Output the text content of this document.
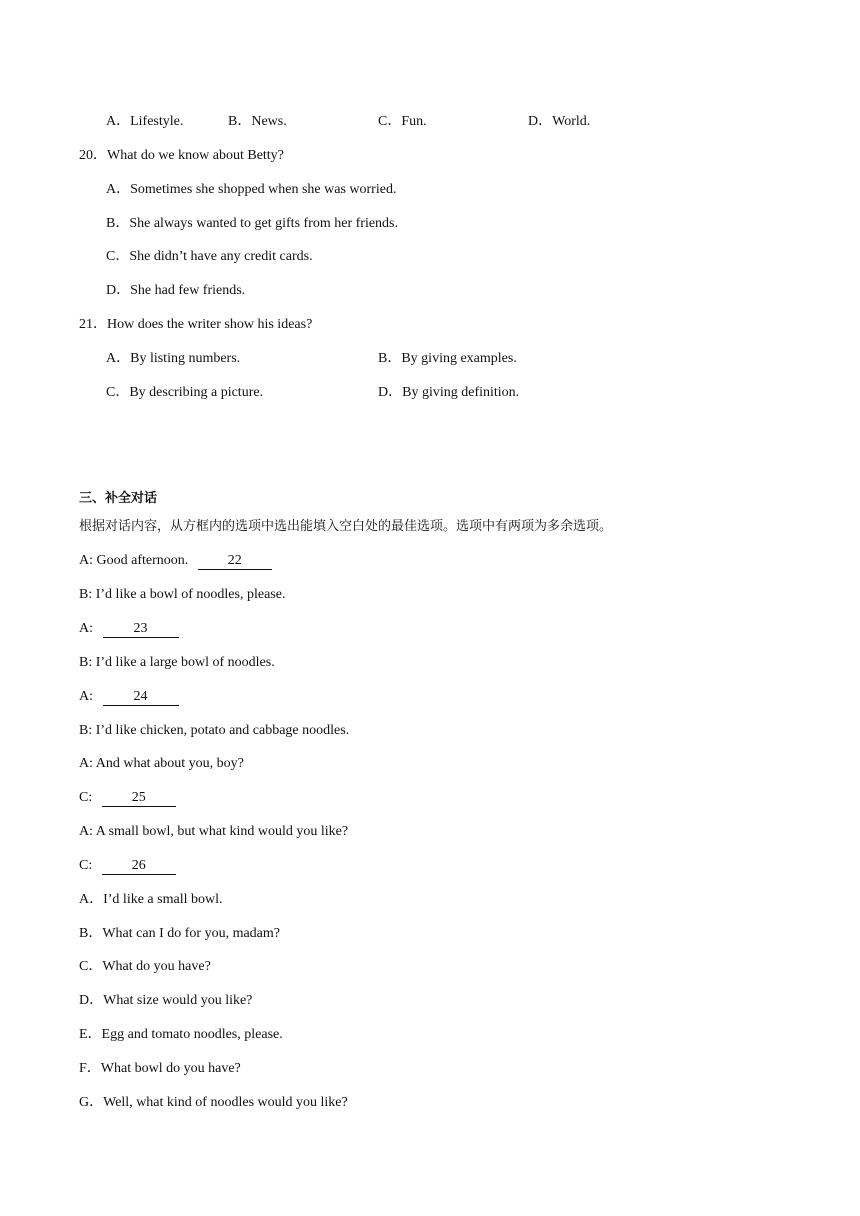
A．Lifestyle.	B．News.	C．Fun.	D．World.
20．What do we know about Betty?
A．Sometimes she shopped when she was worried.
B．She always wanted to get gifts from her friends.
C．She didn’t have any credit cards.
D．She had few friends.
21．How does the writer show his ideas?
A．By listing numbers.	B．By giving examples.
C．By describing a picture.	D．By giving definition.
三、补全对话
根据对话内容，从方框内的选项中选出能填入空白处的最佳选项。选项中有两项为多余选项。
A: Good afternoon.	22
B: I’d like a bowl of noodles, please.
A:	23
B: I’d like a large bowl of noodles.
A:	24
B: I’d like chicken, potato and cabbage noodles.
A: And what about you, boy?
C:	25
A: A small bowl, but what kind would you like?
C:	26
A．I’d like a small bowl.
B．What can I do for you, madam?
C．What do you have?
D．What size would you like?
E．Egg and tomato noodles, please.
F．What bowl do you have?
G．Well, what kind of noodles would you like?
